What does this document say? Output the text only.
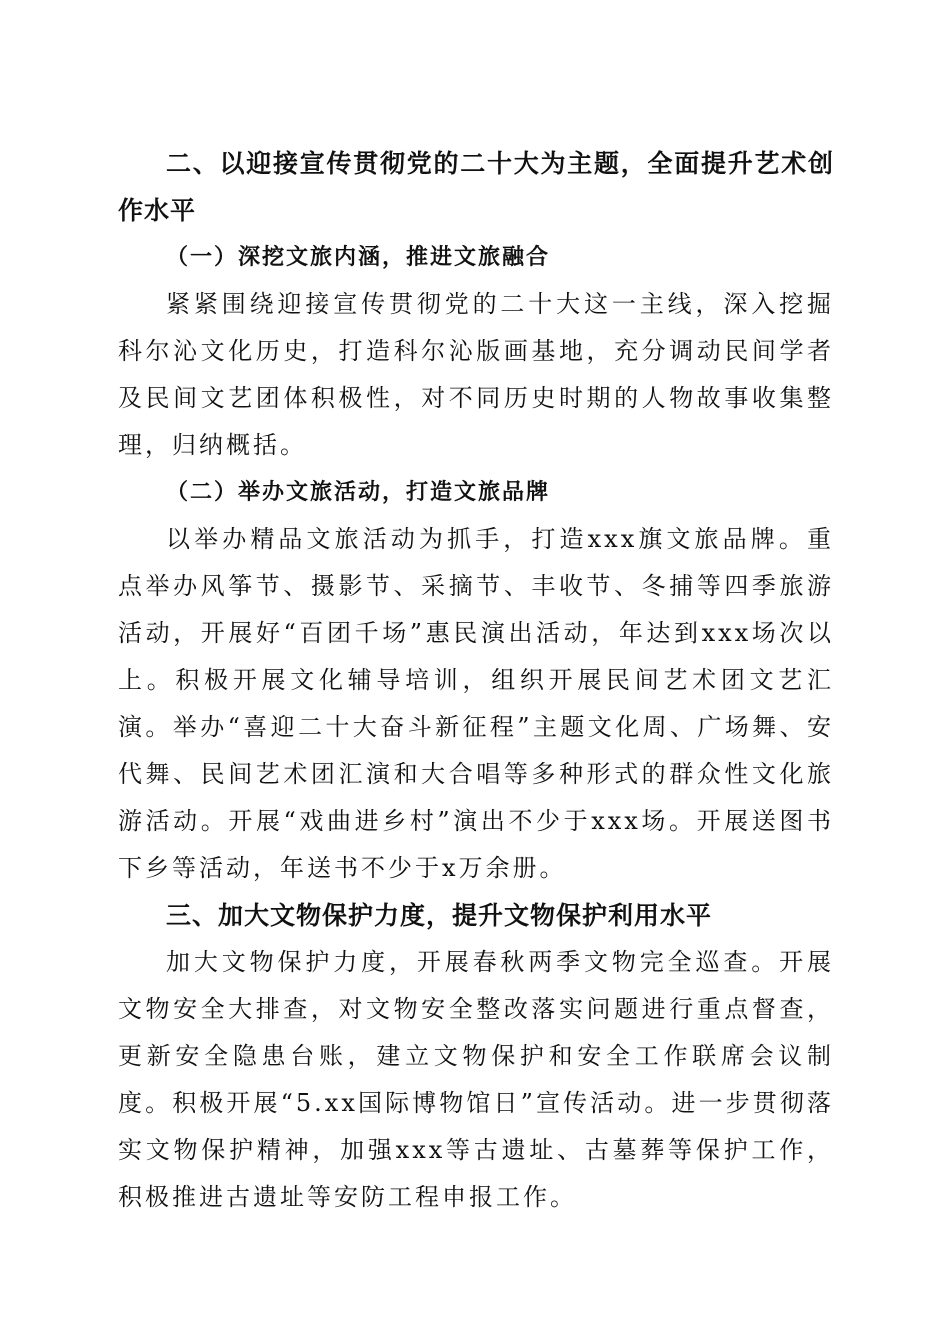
二、以迎接宣传贯彻党的二十大为主题，全面提升艺术创作水平

（一）深挖文旅内涵，推进文旅融合

紧紧围绕迎接宣传贯彻党的二十大这一主线，深入挖掘科尔沁文化历史，打造科尔沁版画基地，充分调动民间学者及民间文艺团体积极性，对不同历史时期的人物故事收集整理，归纳概括。

（二）举办文旅活动，打造文旅品牌

以举办精品文旅活动为抓手，打造xxx旗文旅品牌。重点举办风筝节、摄影节、采摘节、丰收节、冬捕等四季旅游活动，开展好“百团千场”惠民演出活动，年达到xxx场次以上。积极开展文化辅导培训，组织开展民间艺术团文艺汇演。举办“喜迎二十大奋斗新征程”主题文化周、广场舞、安代舞、民间艺术团汇演和大合唱等多种形式的群众性文化旅游活动。开展“戏曲进乡村”演出不少于xxx场。开展送图书下乡等活动，年送书不少于x万余册。

三、加大文物保护力度，提升文物保护利用水平

加大文物保护力度，开展春秋两季文物完全巡查。开展文物安全大排查，对文物安全整改落实问题进行重点督查，更新安全隐患台账，建立文物保护和安全工作联席会议制度。积极开展“5.xx国际博物馆日”宣传活动。进一步贯彻落实文物保护精神，加强xxx等古遗址、古墓葬等保护工作，积极推进古遗址等安防工程申报工作。
